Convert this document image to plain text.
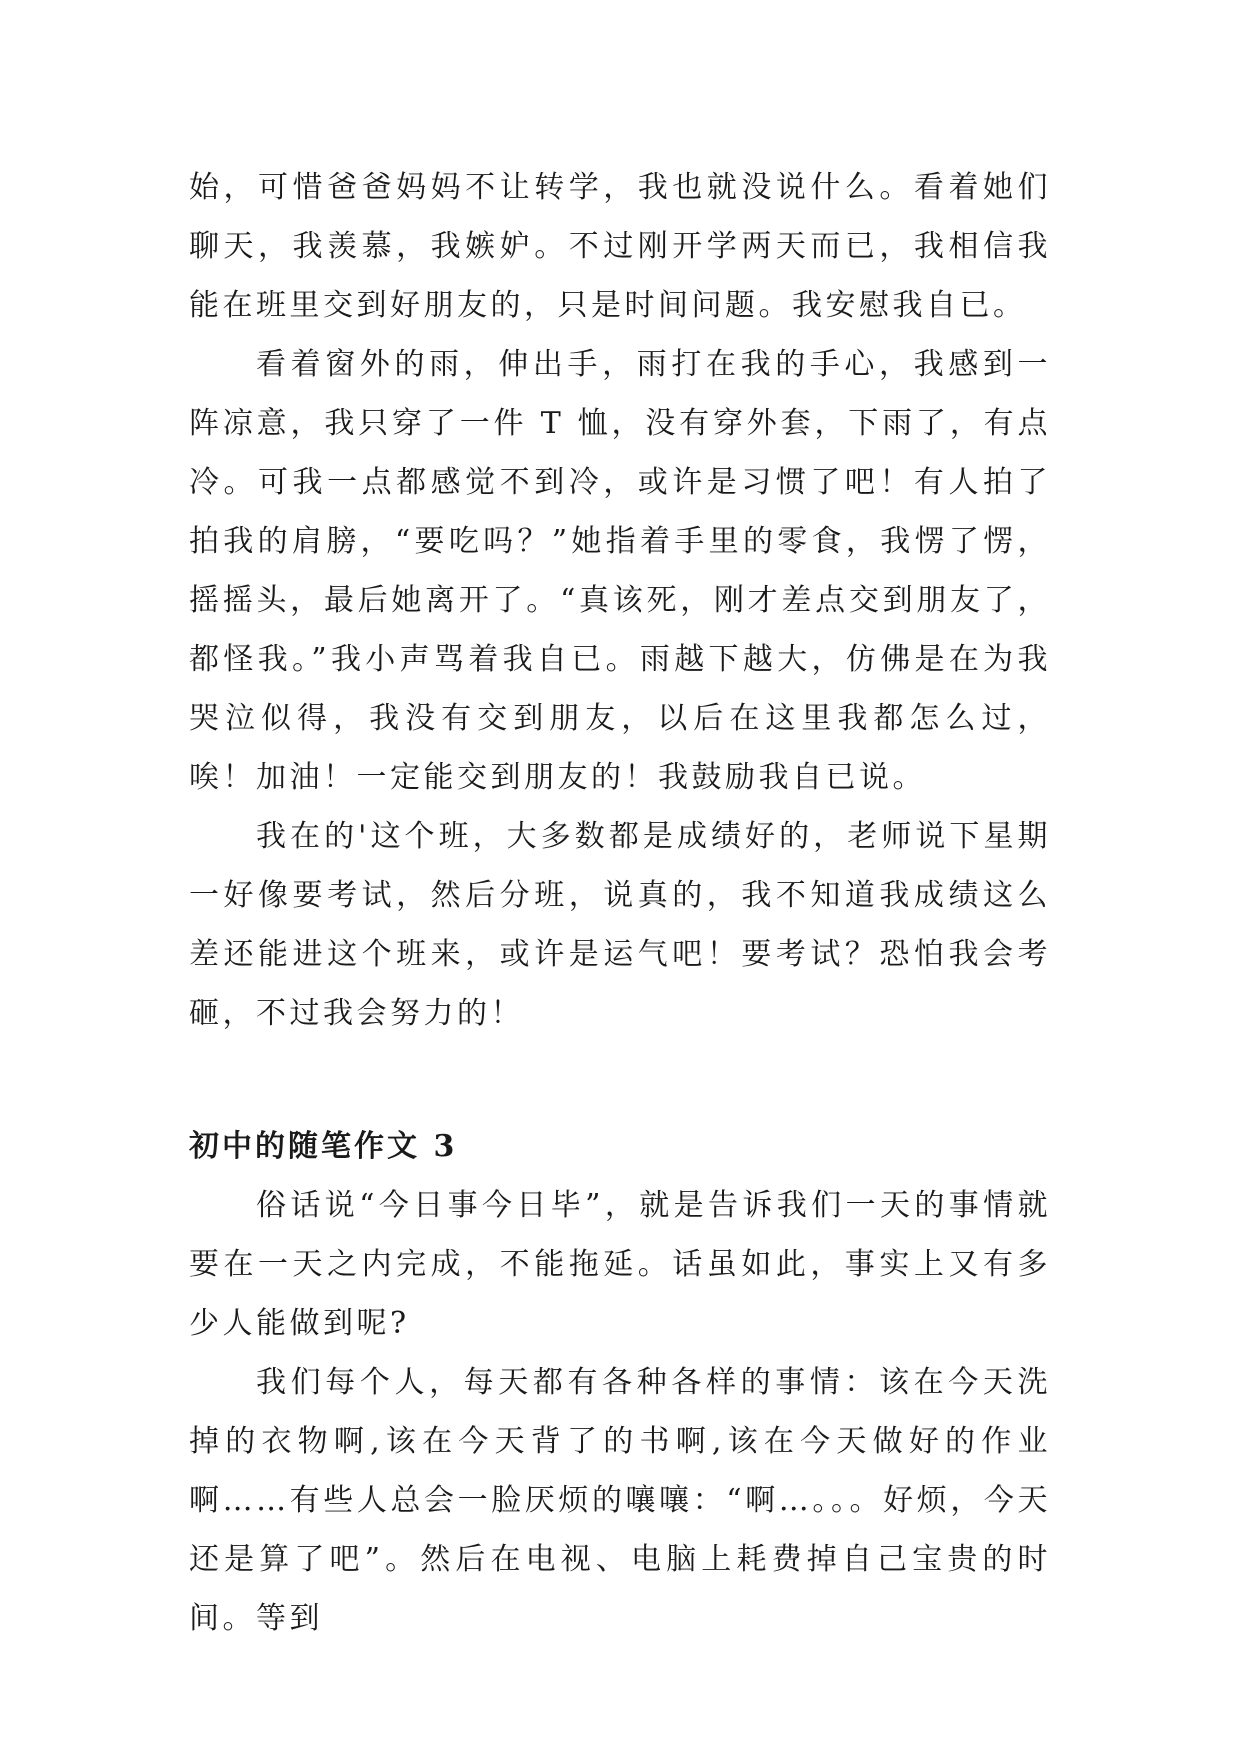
始，可惜爸爸妈妈不让转学，我也就没说什么。看着她们聊天，我羡慕，我嫉妒。不过刚开学两天而已，我相信我能在班里交到好朋友的，只是时间问题。我安慰我自已。

看着窗外的雨，伸出手，雨打在我的手心，我感到一阵凉意，我只穿了一件 T 恤，没有穿外套，下雨了，有点冷。可我一点都感觉不到冷，或许是习惯了吧！有人拍了拍我的肩膀，“要吃吗？”她指着手里的零食，我愣了愣，摇摇头，最后她离开了。“真该死，刚才差点交到朋友了，都怪我。”我小声骂着我自已。雨越下越大，仿佛是在为我哭泣似得，我没有交到朋友，以后在这里我都怎么过，唉！加油！一定能交到朋友的！我鼓励我自已说。

我在的'这个班，大多数都是成绩好的，老师说下星期一好像要考试，然后分班，说真的，我不知道我成绩这么差还能进这个班来，或许是运气吧！要考试？恐怕我会考砸，不过我会努力的！

初中的随笔作文 3

俗话说“今日事今日毕”，就是告诉我们一天的事情就要在一天之内完成，不能拖延。话虽如此，事实上又有多少人能做到呢?

我们每个人，每天都有各种各样的事情：该在今天洗掉的衣物啊,该在今天背了的书啊,该在今天做好的作业啊……有些人总会一脸厌烦的嚷嚷：“啊…。。。好烦，今天还是算了吧”。然后在电视、电脑上耗费掉自己宝贵的时间。等到
